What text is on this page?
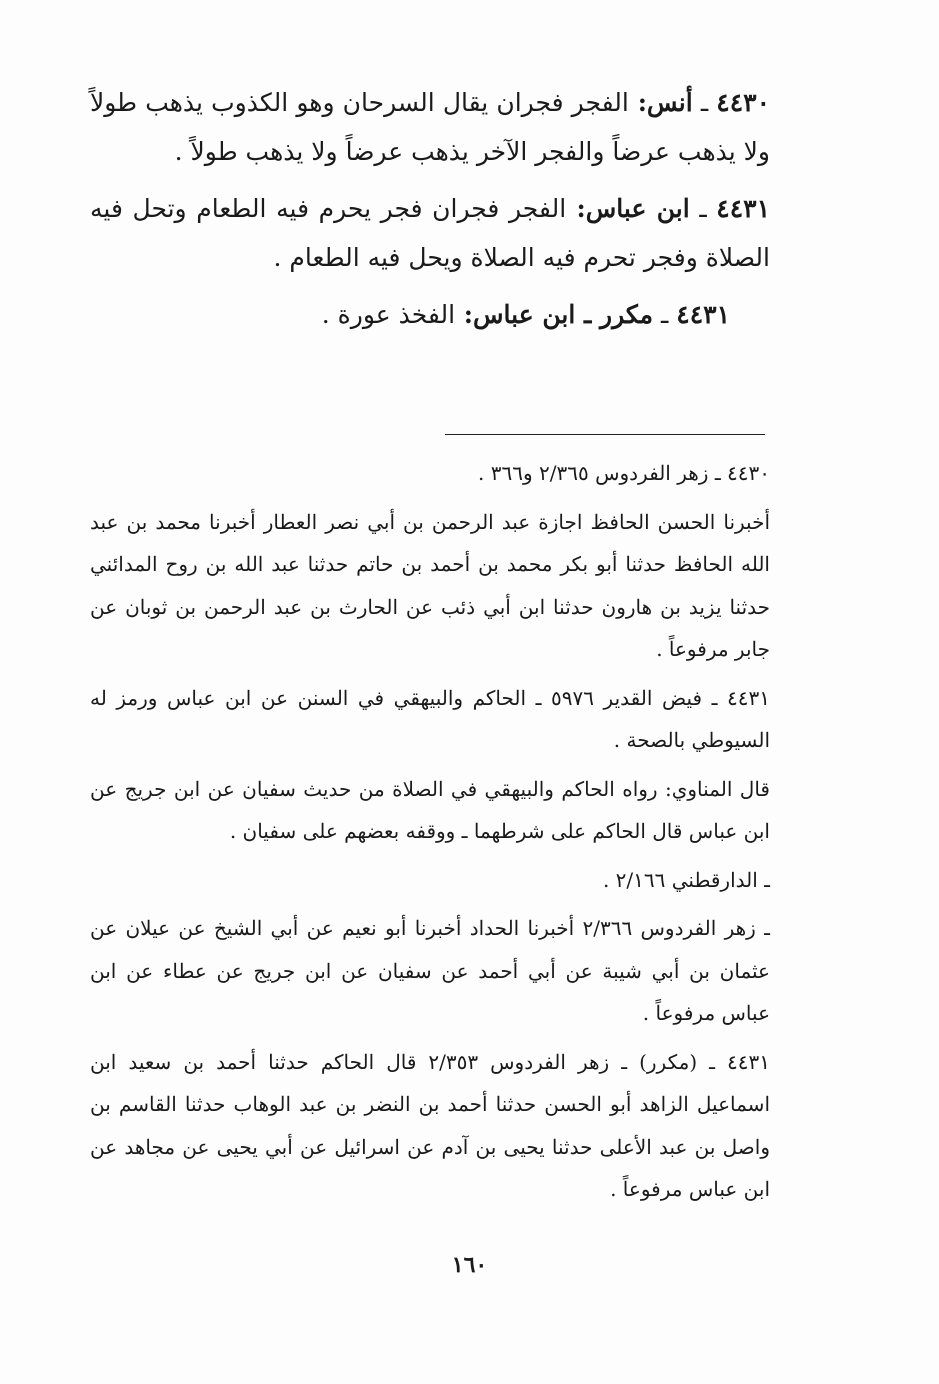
٤٤٣٠ ـ أنس: الفجر فجران يقال السرحان وهو الكذوب يذهب طولاً ولا يذهب عرضاً والفجر الآخر يذهب عرضاً ولا يذهب طولاً .

٤٤٣١ ـ ابن عباس: الفجر فجران فجر يحرم فيه الطعام وتحل فيه الصلاة وفجر تحرم فيه الصلاة ويحل فيه الطعام .

٤٤٣١ ـ مكرر ـ ابن عباس: الفخذ عورة .

٤٤٣٠ ـ زهر الفردوس ٢/٣٦٥ و٣٦٦ .

أخبرنا الحسن الحافظ اجازة عبد الرحمن بن أبي نصر العطار أخبرنا محمد بن عبد الله الحافظ حدثنا أبو بكر محمد بن أحمد بن حاتم حدثنا عبد الله بن روح المدائني حدثنا يزيد بن هارون حدثنا ابن أبي ذئب عن الحارث بن عبد الرحمن بن ثوبان عن جابر مرفوعاً .

٤٤٣١ ـ فيض القدير ٥٩٧٦ ـ الحاكم والبيهقي في السنن عن ابن عباس ورمز له السيوطي بالصحة .

قال المناوي: رواه الحاكم والبيهقي في الصلاة من حديث سفيان عن ابن جريج عن ابن عباس قال الحاكم على شرطهما ـ ووقفه بعضهم على سفيان .

ـ الدارقطني ٢/١٦٦ .

ـ زهر الفردوس ٢/٣٦٦ أخبرنا الحداد أخبرنا أبو نعيم عن أبي الشيخ عن عيلان عن عثمان بن أبي شيبة عن أبي أحمد عن سفيان عن ابن جريج عن عطاء عن ابن عباس مرفوعاً .

٤٤٣١ ـ (مكرر) ـ زهر الفردوس ٢/٣٥٣ قال الحاكم حدثنا أحمد بن سعيد ابن اسماعيل الزاهد أبو الحسن حدثنا أحمد بن النضر بن عبد الوهاب حدثنا القاسم بن واصل بن عبد الأعلى حدثنا يحيى بن آدم عن اسرائيل عن أبي يحيى عن مجاهد عن ابن عباس مرفوعاً .

١٦٠
